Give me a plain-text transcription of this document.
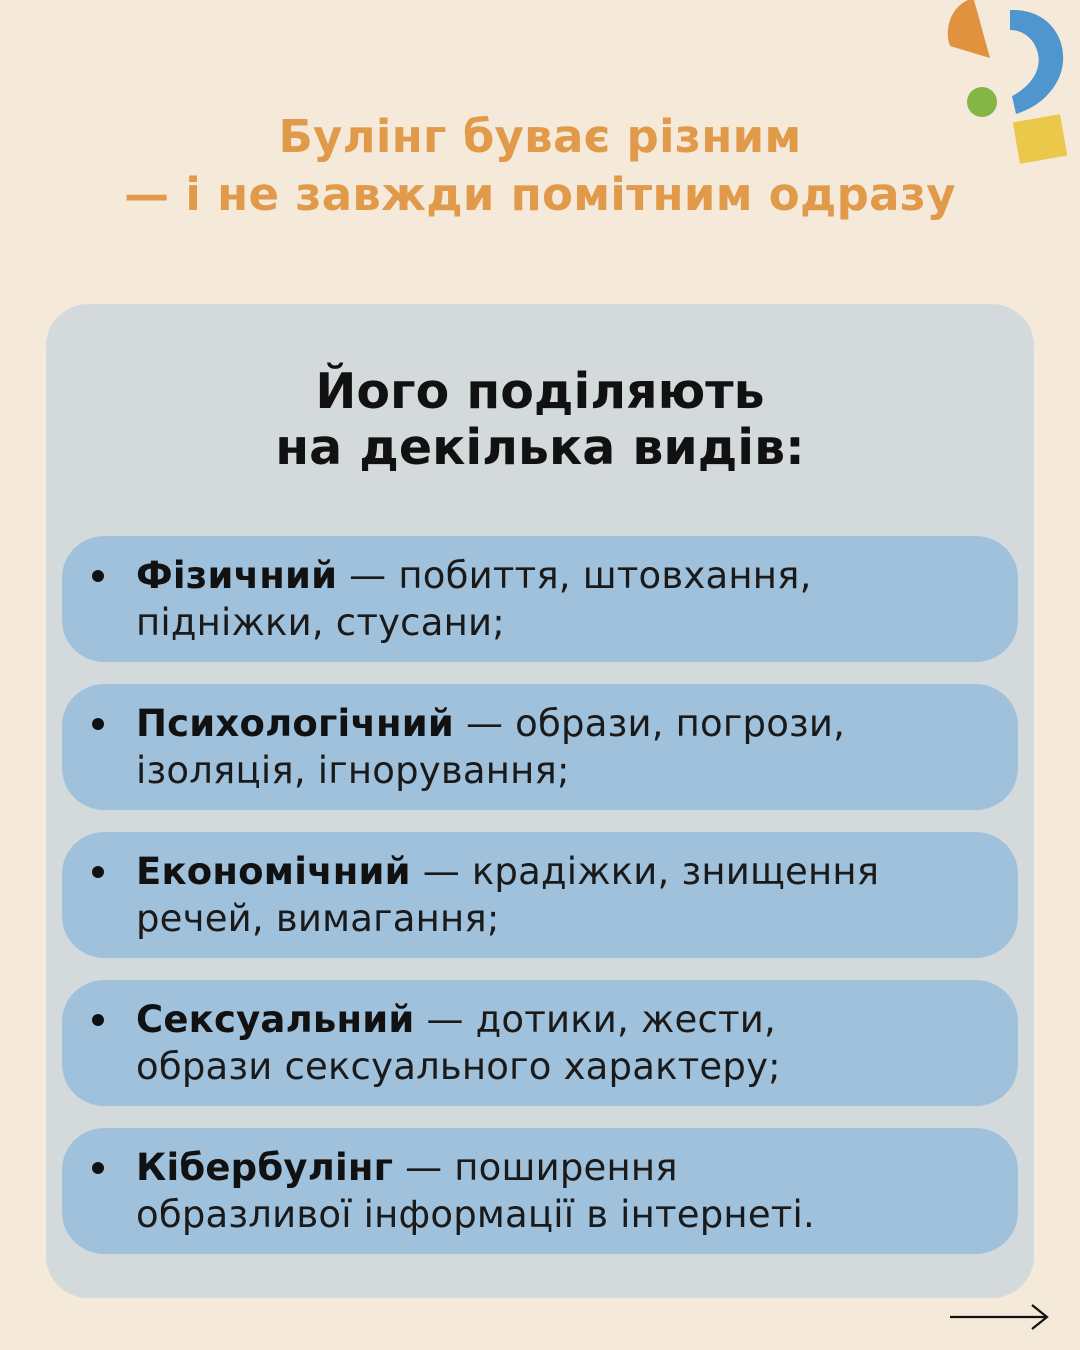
Булінг буває різним
— і не завжди помітним одразу
Його поділяють
на декілька видів:
Фізичний — побиття, штовхання,
підніжки, стусани;
Психологічний — образи, погрози,
ізоляція, ігнорування;
Економічний — крадіжки, знищення
речей, вимагання;
Сексуальний — дотики, жести,
образи сексуального характеру;
Кібербулінг — поширення
образливої інформації в інтернеті.
